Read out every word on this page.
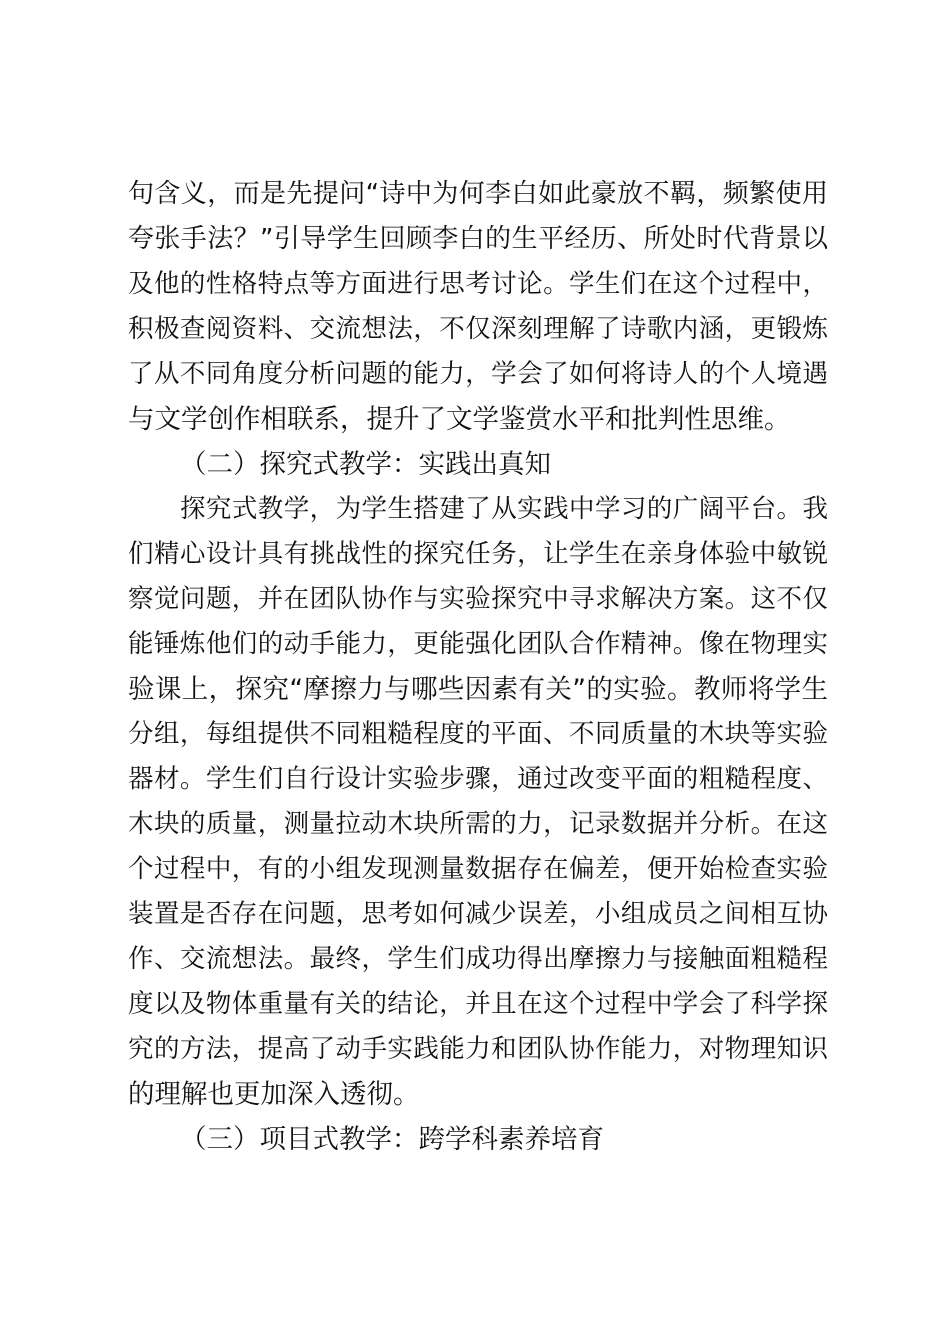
句含义，而是先提问“诗中为何李白如此豪放不羁，频繁使用
夸张手法？”引导学生回顾李白的生平经历、所处时代背景以
及他的性格特点等方面进行思考讨论。学生们在这个过程中，
积极查阅资料、交流想法，不仅深刻理解了诗歌内涵，更锻炼
了从不同角度分析问题的能力，学会了如何将诗人的个人境遇
与文学创作相联系，提升了文学鉴赏水平和批判性思维。
（二）探究式教学：实践出真知
探究式教学，为学生搭建了从实践中学习的广阔平台。我
们精心设计具有挑战性的探究任务，让学生在亲身体验中敏锐
察觉问题，并在团队协作与实验探究中寻求解决方案。这不仅
能锤炼他们的动手能力，更能强化团队合作精神。像在物理实
验课上，探究“摩擦力与哪些因素有关”的实验。教师将学生
分组，每组提供不同粗糙程度的平面、不同质量的木块等实验
器材。学生们自行设计实验步骤，通过改变平面的粗糙程度、
木块的质量，测量拉动木块所需的力，记录数据并分析。在这
个过程中，有的小组发现测量数据存在偏差，便开始检查实验
装置是否存在问题，思考如何减少误差，小组成员之间相互协
作、交流想法。最终，学生们成功得出摩擦力与接触面粗糙程
度以及物体重量有关的结论，并且在这个过程中学会了科学探
究的方法，提高了动手实践能力和团队协作能力，对物理知识
的理解也更加深入透彻。
（三）项目式教学：跨学科素养培育
